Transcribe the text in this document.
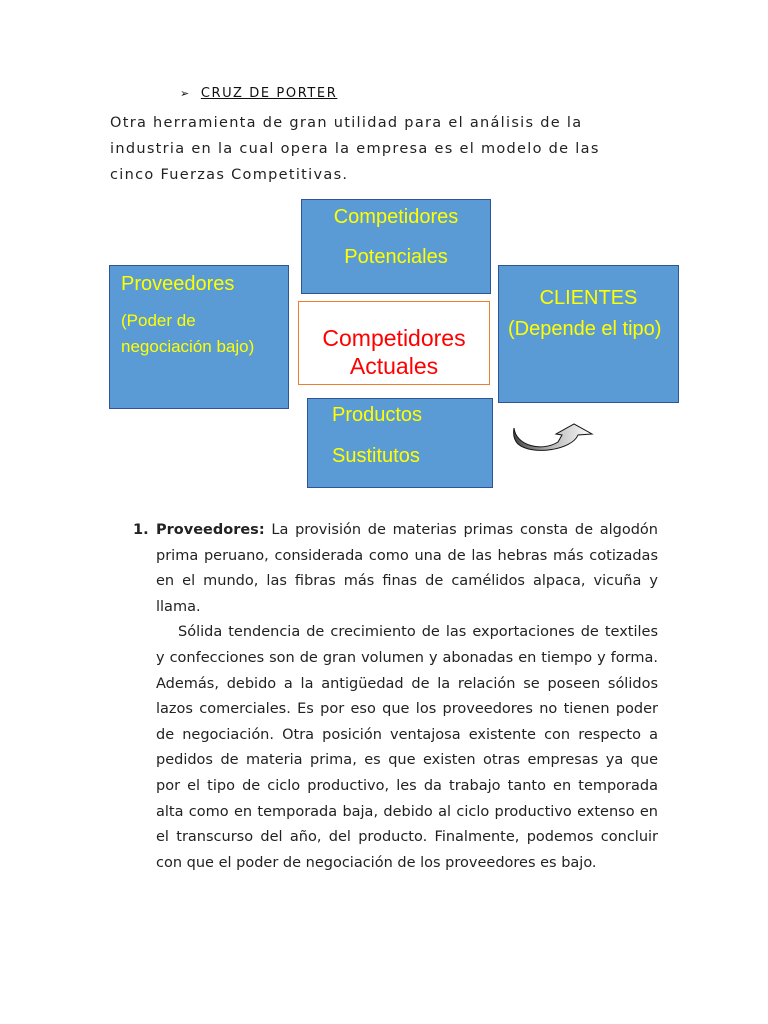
➢ CRUZ DE PORTER
Otra herramienta de gran utilidad para el análisis de la industria en la cual opera la empresa es el modelo de las cinco Fuerzas Competitivas.
Competidores
Potenciales
Proveedores
(Poder de negociación bajo)	Competidores
Actuales
CLIENTES
(Depende el tipo)
Productos
Sustitutos
1. Proveedores: La provisión de materias primas consta de algodón prima peruano, considerada como una de las hebras más cotizadas en el mundo, las fibras más finas de camélidos alpaca, vicuña y llama.

Sólida tendencia de crecimiento de las exportaciones de textiles y confecciones son de gran volumen y abonadas en tiempo y forma. Además, debido a la antigüedad de la relación se poseen sólidos lazos comerciales. Es por eso que los proveedores no tienen poder de negociación. Otra posición ventajosa existente con respecto a pedidos de materia prima, es que existen otras empresas ya que por el tipo de ciclo productivo, les da trabajo tanto en temporada alta como en temporada baja, debido al ciclo productivo extenso en el transcurso del año, del producto. Finalmente, podemos concluir con que el poder de negociación de los proveedores es bajo.
